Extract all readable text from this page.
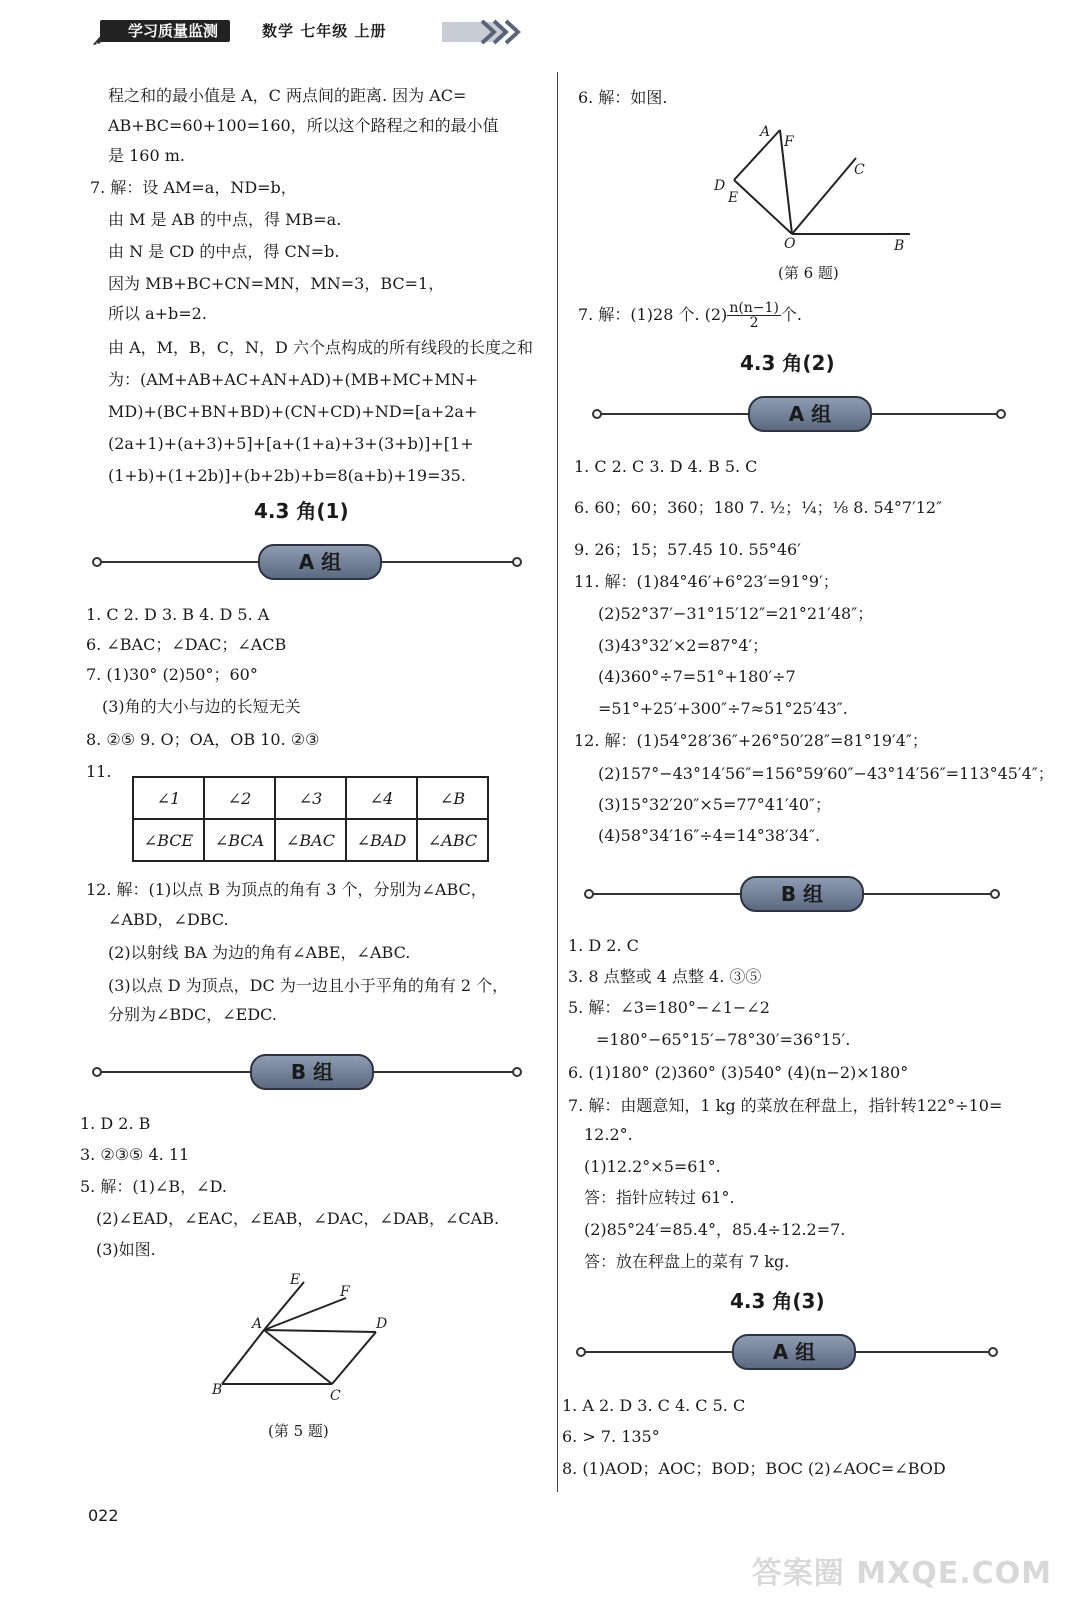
学习质量监测	数学 七年级 上册
程之和的最小值是 A，C 两点间的距离. 因为 AC=
AB+BC=60+100=160，所以这个路程之和的最小值
是 160 m.
7. 解：设 AM=a，ND=b，
由 M 是 AB 的中点，得 MB=a.
由 N 是 CD 的中点，得 CN=b.
因为 MB+BC+CN=MN，MN=3，BC=1，
所以 a+b=2.
由 A，M，B，C，N，D 六个点构成的所有线段的长度之和
为：(AM+AB+AC+AN+AD)+(MB+MC+MN+
MD)+(BC+BN+BD)+(CN+CD)+ND=[a+2a+
(2a+1)+(a+3)+5]+[a+(1+a)+3+(3+b)]+[1+
(1+b)+(1+2b)]+(b+2b)+b=8(a+b)+19=35.
4.3 角(1)
A 组
1. C 2. D 3. B 4. D 5. A
6. ∠BAC；∠DAC；∠ACB
7. (1)30° (2)50°；60°
(3)角的大小与边的长短无关
8. ②⑤ 9. O；OA，OB 10. ②③
11.
∠1	∠2	∠3	∠4	∠B
∠BCE	∠BCA	∠BAC	∠BAD	∠ABC
12. 解：(1)以点 B 为顶点的角有 3 个，分别为∠ABC，
∠ABD，∠DBC.
(2)以射线 BA 为边的角有∠ABE，∠ABC.
(3)以点 D 为顶点，DC 为一边且小于平角的角有 2 个，
分别为∠BDC，∠EDC.
B 组
1. D 2. B
3. ②③⑤ 4. 11
5. 解：(1)∠B，∠D.
(2)∠EAD，∠EAC，∠EAB，∠DAC，∠DAB，∠CAB.
(3)如图.
E
F
A	D
B	C
(第 5 题)
6. 解：如图.
A
F
C
D
E
O	B
(第 6 题)
7. 解：(1)28 个. $(2) \frac{n(n-1)}{2}$ 个.
4.3 角(2)
A 组
1. C 2. C 3. D 4. B 5. C
6. 60；60；360；180 7. ½；¼；⅛ 8. 54°7′12″
9. 26；15；57.45 10. 55°46′
11. 解：(1)84°46′+6°23′=91°9′；
(2)52°37′−31°15′12″=21°21′48″；
(3)43°32′×2=87°4′；
(4)360°÷7=51°+180′÷7
=51°+25′+300″÷7≈51°25′43″.
12. 解：(1)54°28′36″+26°50′28″=81°19′4″；
(2)157°−43°14′56″=156°59′60″−43°14′56″=113°45′4″；
(3)15°32′20″×5=77°41′40″；
(4)58°34′16″÷4=14°38′34″.
B 组
1. D 2. C
3. 8 点整或 4 点整 4. ③⑤
5. 解：∠3=180°−∠1−∠2
=180°−65°15′−78°30′=36°15′.
6. (1)180° (2)360° (3)540° (4)(n−2)×180°
7. 解：由题意知，1 kg 的菜放在秤盘上，指针转122°÷10=
12.2°.
(1)12.2°×5=61°.
答：指针应转过 61°.
(2)85°24′=85.4°，85.4÷12.2=7.
答：放在秤盘上的菜有 7 kg.
4.3 角(3)
A 组
1. A 2. D 3. C 4. C 5. C
6. > 7. 135°
8. (1)AOD；AOC；BOD；BOC (2)∠AOC=∠BOD
022
答案圈 MXQE.COM
